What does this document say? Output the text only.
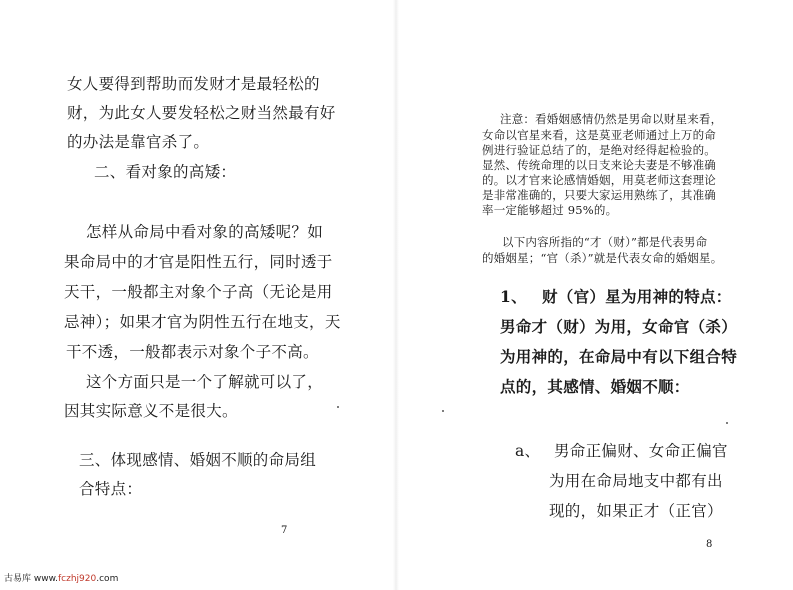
女人要得到帮助而发财才是最轻松的
财，为此女人要发轻松之财当然最有好
的办法是靠官杀了。
二、看对象的高矮：
怎样从命局中看对象的高矮呢？如
果命局中的才官是阳性五行，同时透于
天干，一般都主对象个子高（无论是用
忌神）；如果才官为阴性五行在地支，天
干不透，一般都表示对象个子不高。
这个方面只是一个了解就可以了，
因其实际意义不是很大。
三、体现感情、婚姻不顺的命局组
合特点：
7
注意：看婚姻感情仍然是男命以财星来看，
女命以官星来看，这是莫亚老师通过上万的命
例进行验证总结了的，是绝对经得起检验的。
显然、传统命理的以日支来论夫妻是不够准确
的。以才官来论感情婚姻，用莫老师这套理论
是非常准确的，只要大家运用熟练了，其准确
率一定能够超过 95%的。
以下内容所指的“才（财）”都是代表男命
的婚姻星；“官（杀）”就是代表女命的婚姻星。
1、 财（官）星为用神的特点：
男命才（财）为用，女命官（杀）
为用神的，在命局中有以下组合特
点的，其感情、婚姻不顺：
a、 男命正偏财、女命正偏官
为用在命局地支中都有出
现的，如果正才（正官）
8
古易库 www.fczhj920.com
